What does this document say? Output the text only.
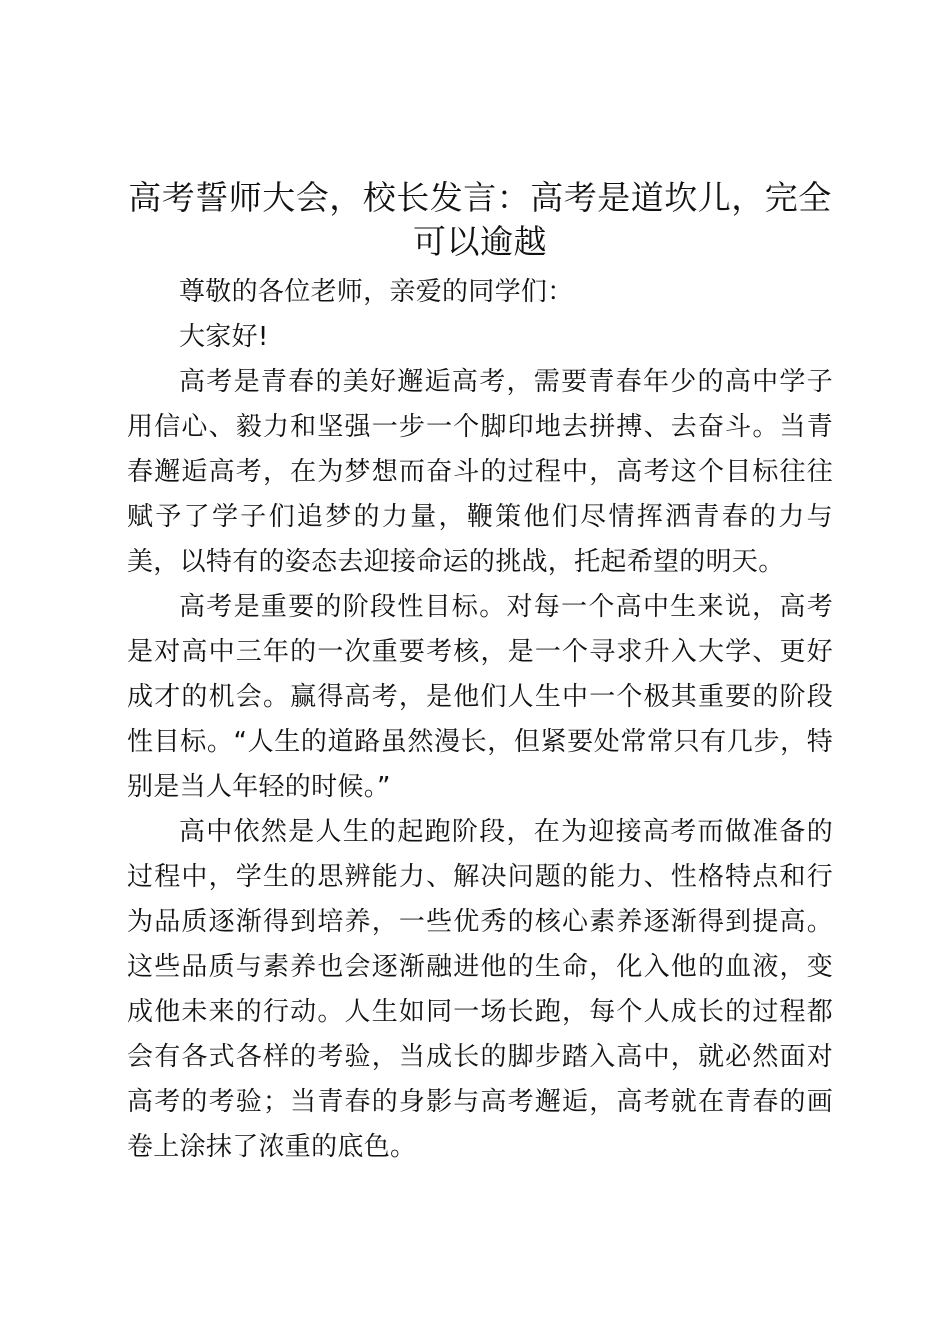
高考誓师大会，校长发言：高考是道坎儿，完全可以逾越

尊敬的各位老师，亲爱的同学们：

大家好!

高考是青春的美好邂逅高考，需要青春年少的高中学子用信心、毅力和坚强一步一个脚印地去拼搏、去奋斗。当青春邂逅高考，在为梦想而奋斗的过程中，高考这个目标往往赋予了学子们追梦的力量，鞭策他们尽情挥洒青春的力与美，以特有的姿态去迎接命运的挑战，托起希望的明天。

高考是重要的阶段性目标。对每一个高中生来说，高考是对高中三年的一次重要考核，是一个寻求升入大学、更好成才的机会。赢得高考，是他们人生中一个极其重要的阶段性目标。“人生的道路虽然漫长，但紧要处常常只有几步，特别是当人年轻的时候。”

高中依然是人生的起跑阶段，在为迎接高考而做准备的过程中，学生的思辨能力、解决问题的能力、性格特点和行为品质逐渐得到培养，一些优秀的核心素养逐渐得到提高。这些品质与素养也会逐渐融进他的生命，化入他的血液，变成他未来的行动。人生如同一场长跑，每个人成长的过程都会有各式各样的考验，当成长的脚步踏入高中，就必然面对高考的考验；当青春的身影与高考邂逅，高考就在青春的画卷上涂抹了浓重的底色。
